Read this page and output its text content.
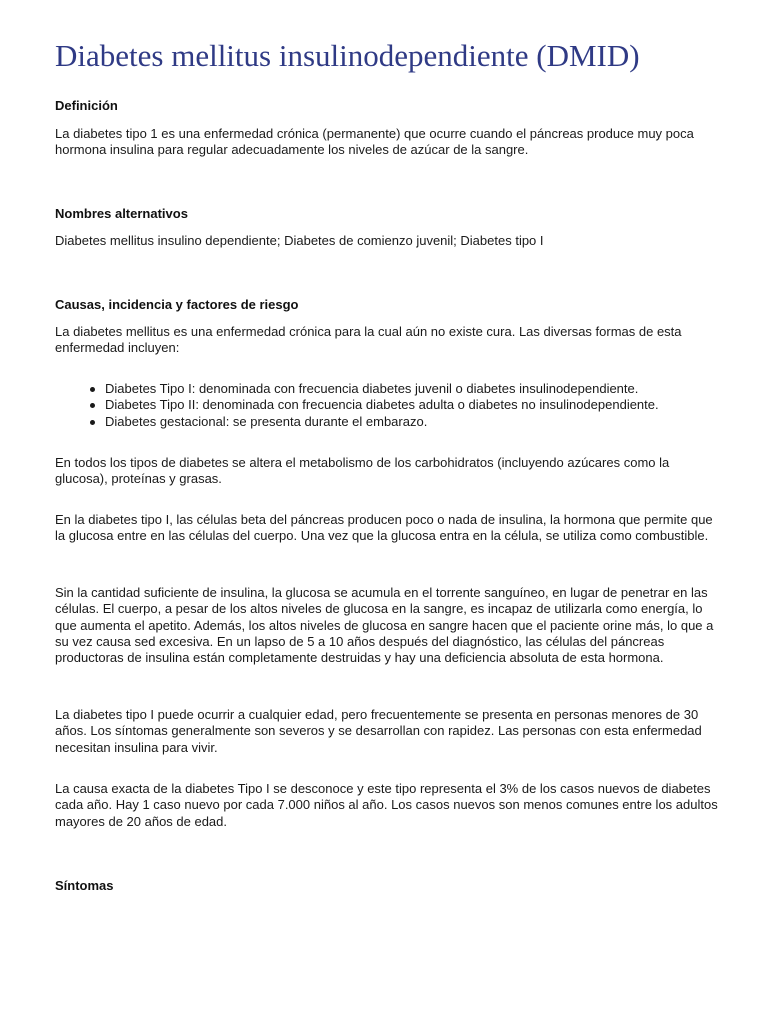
Diabetes mellitus insulinodependiente (DMID)
Definición

La diabetes tipo 1 es una enfermedad crónica (permanente) que ocurre cuando el páncreas produce muy poca hormona insulina para regular adecuadamente los niveles de azúcar de la sangre.

Nombres alternativos

Diabetes mellitus insulino dependiente; Diabetes de comienzo juvenil; Diabetes tipo I

Causas, incidencia y factores de riesgo

La diabetes mellitus es una enfermedad crónica para la cual aún no existe cura. Las diversas formas de esta enfermedad incluyen:

Diabetes Tipo I: denominada con frecuencia diabetes juvenil o diabetes insulinodependiente.
Diabetes Tipo II: denominada con frecuencia diabetes adulta o diabetes no insulinodependiente.
Diabetes gestacional: se presenta durante el embarazo.

En todos los tipos de diabetes se altera el metabolismo de los carbohidratos (incluyendo azúcares como la glucosa), proteínas y grasas.

En la diabetes tipo I, las células beta del páncreas producen poco o nada de insulina, la hormona que permite que la glucosa entre en las células del cuerpo. Una vez que la glucosa entra en la célula, se utiliza como combustible.

Sin la cantidad suficiente de insulina, la glucosa se acumula en el torrente sanguíneo, en lugar de penetrar en las células. El cuerpo, a pesar de los altos niveles de glucosa en la sangre, es incapaz de utilizarla como energía, lo que aumenta el apetito. Además, los altos niveles de glucosa en sangre hacen que el paciente orine más, lo que a su vez causa sed excesiva. En un lapso de 5 a 10 años después del diagnóstico, las células del páncreas productoras de insulina están completamente destruidas y hay una deficiencia absoluta de esta hormona.

La diabetes tipo I puede ocurrir a cualquier edad, pero frecuentemente se presenta en personas menores de 30 años. Los síntomas generalmente son severos y se desarrollan con rapidez. Las personas con esta enfermedad necesitan insulina para vivir.

La causa exacta de la diabetes Tipo I se desconoce y este tipo representa el 3% de los casos nuevos de diabetes cada año. Hay 1 caso nuevo por cada 7.000 niños al año. Los casos nuevos son menos comunes entre los adultos mayores de 20 años de edad.

Síntomas
